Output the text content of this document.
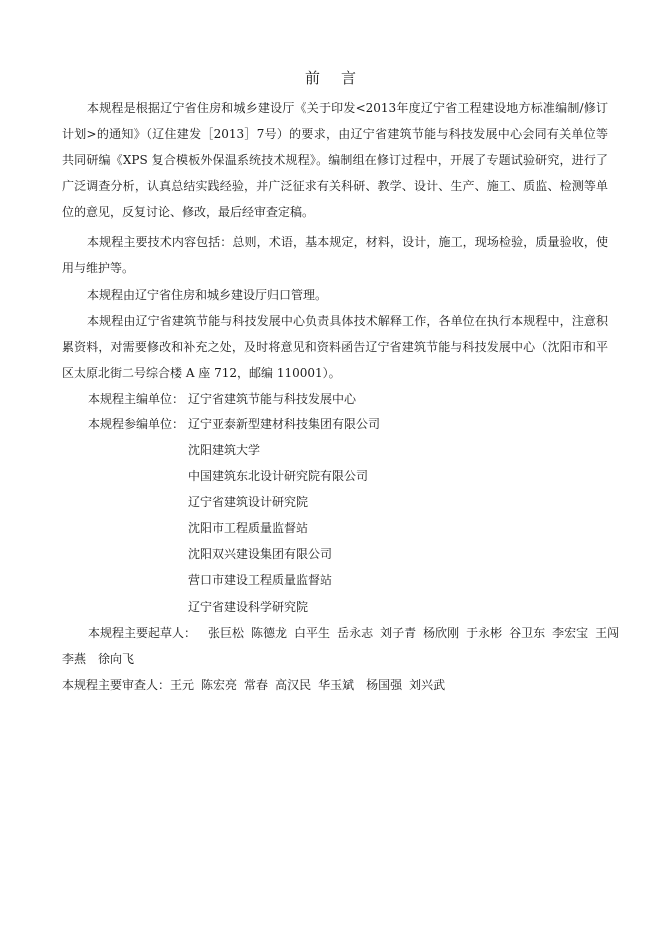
前 言

本规程是根据辽宁省住房和城乡建设厅《关于印发<2013年度辽宁省工程建设地方标准编制/修订计划>的通知》（辽住建发［2013］7号）的要求，由辽宁省建筑节能与科技发展中心会同有关单位等共同研编《XPS 复合模板外保温系统技术规程》。编制组在修订过程中，开展了专题试验研究，进行了广泛调查分析，认真总结实践经验，并广泛征求有关科研、教学、设计、生产、施工、质监、检测等单位的意见，反复讨论、修改，最后经审查定稿。

本规程主要技术内容包括：总则，术语，基本规定，材料，设计，施工，现场检验，质量验收，使用与维护等。

本规程由辽宁省住房和城乡建设厅归口管理。

本规程由辽宁省建筑节能与科技发展中心负责具体技术解释工作，各单位在执行本规程中，注意积累资料，对需要修改和补充之处，及时将意见和资料函告辽宁省建筑节能与科技发展中心（沈阳市和平区太原北街二号综合楼 A 座 712，邮编 110001）。

本规程主编单位： 辽宁省建筑节能与科技发展中心
本规程参编单位： 辽宁亚泰新型建材科技集团有限公司
沈阳建筑大学
中国建筑东北设计研究院有限公司
辽宁省建筑设计研究院
沈阳市工程质量监督站
沈阳双兴建设集团有限公司
营口市建设工程质量监督站
辽宁省建设科学研究院
本规程主要起草人： 张巨松 陈德龙 白平生 岳永志 刘子青 杨欣刚 于永彬 谷卫东 李宏宝 王闯
李燕 徐向飞
本规程主要审查人：王元 陈宏亮 常春 高汉民 华玉斌 杨国强 刘兴武
